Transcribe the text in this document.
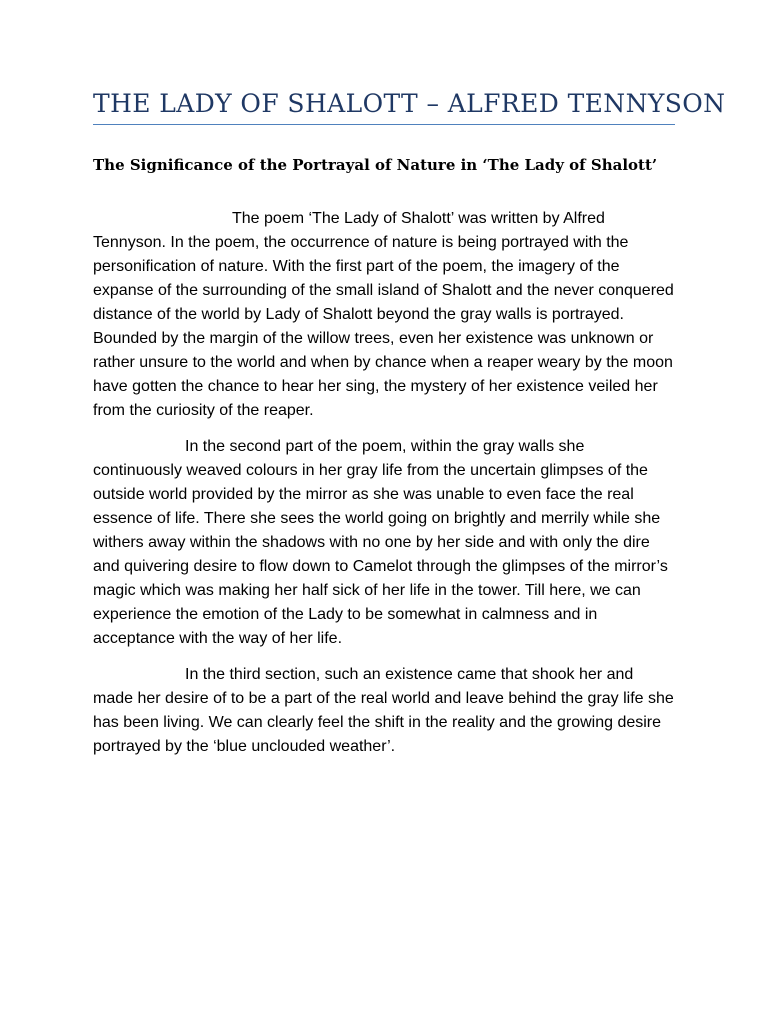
THE LADY OF SHALOTT – ALFRED TENNYSON
The Significance of the Portrayal of Nature in ‘The Lady of Shalott’

The poem ‘The Lady of Shalott’ was written by Alfred Tennyson. In the poem, the occurrence of nature is being portrayed with the personification of nature. With the first part of the poem, the imagery of the expanse of the surrounding of the small island of Shalott and the never conquered distance of the world by Lady of Shalott beyond the gray walls is portrayed. Bounded by the margin of the willow trees, even her existence was unknown or rather unsure to the world and when by chance when a reaper weary by the moon have gotten the chance to hear her sing, the mystery of her existence veiled her from the curiosity of the reaper.

In the second part of the poem, within the gray walls she continuously weaved colours in her gray life from the uncertain glimpses of the outside world provided by the mirror as she was unable to even face the real essence of life. There she sees the world going on brightly and merrily while she withers away within the shadows with no one by her side and with only the dire and quivering desire to flow down to Camelot through the glimpses of the mirror’s magic which was making her half sick of her life in the tower. Till here, we can experience the emotion of the Lady to be somewhat in calmness and in acceptance with the way of her life.

In the third section, such an existence came that shook her and made her desire of to be a part of the real world and leave behind the gray life she has been living. We can clearly feel the shift in the reality and the growing desire portrayed by the ‘blue unclouded weather’.
